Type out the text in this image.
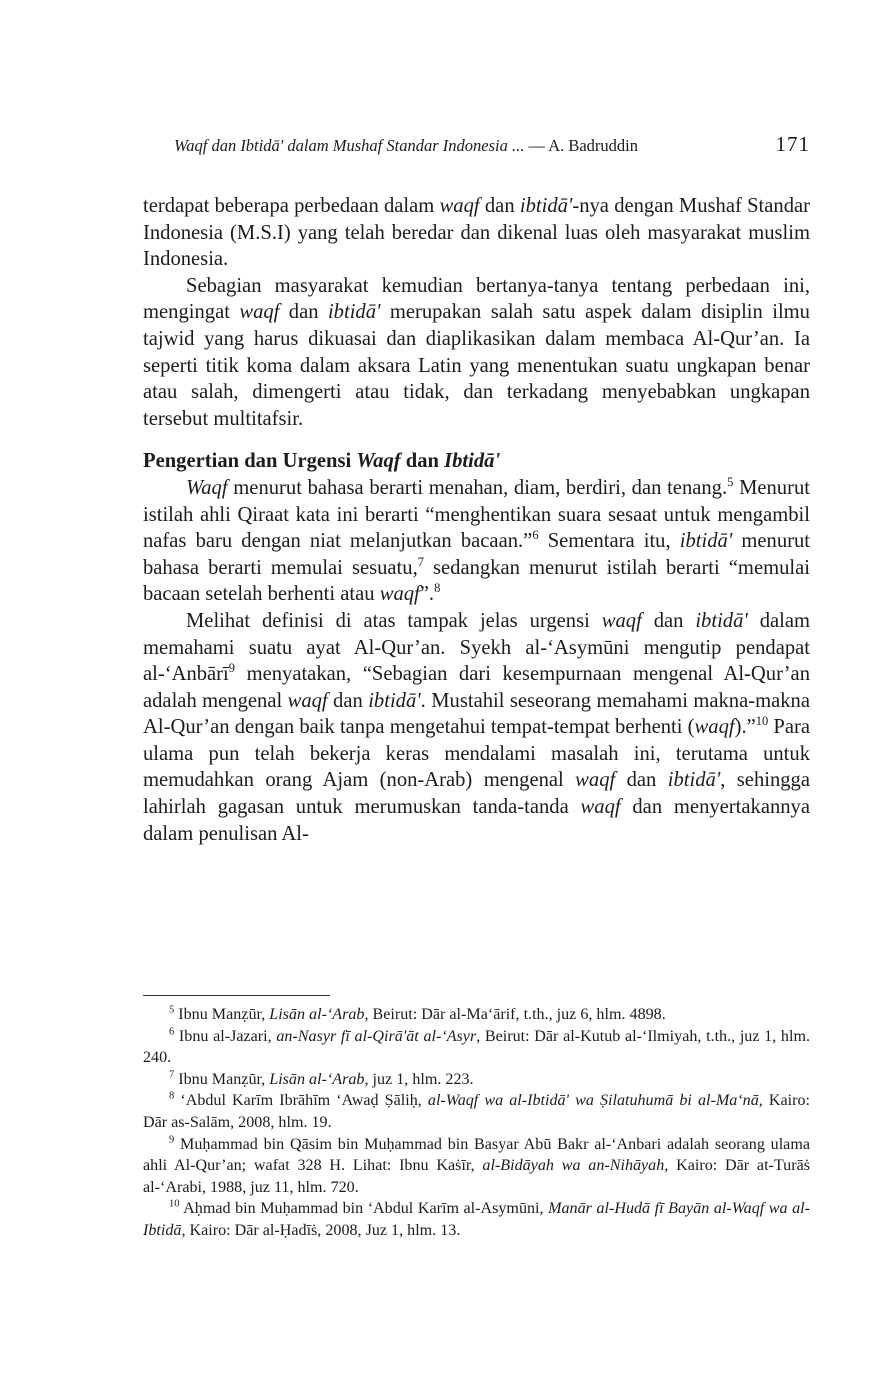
Waqf dan Ibtidā' dalam Mushaf Standar Indonesia ... — A. Badruddin	171

terdapat beberapa perbedaan dalam waqf dan ibtidā'-nya dengan Mushaf Standar Indonesia (M.S.I) yang telah beredar dan dikenal luas oleh masyarakat muslim Indonesia.

Sebagian masyarakat kemudian bertanya-tanya tentang perbedaan ini, mengingat waqf dan ibtidā' merupakan salah satu aspek dalam disiplin ilmu tajwid yang harus dikuasai dan diaplikasikan dalam membaca Al-Qur’an. Ia seperti titik koma dalam aksara Latin yang menentukan suatu ungkapan benar atau salah, dimengerti atau tidak, dan terkadang menyebabkan ungkapan tersebut multitafsir.

Pengertian dan Urgensi Waqf dan Ibtidā'

Waqf menurut bahasa berarti menahan, diam, berdiri, dan tenang.$^5$ Menurut istilah ahli Qiraat kata ini berarti “menghentikan suara sesaat untuk mengambil nafas baru dengan niat melanjutkan bacaan.”$^6$ Sementara itu, ibtidā' menurut bahasa berarti memulai sesuatu,$^7$ sedangkan menurut istilah berarti “memulai bacaan setelah berhenti atau waqf”.$^8$

Melihat definisi di atas tampak jelas urgensi waqf dan ibtidā' dalam memahami suatu ayat Al-Qur’an. Syekh al-‘Asymūni mengutip pendapat al-‘Anbārī$^9$ menyatakan, “Sebagian dari kesempurnaan mengenal Al-Qur’an adalah mengenal waqf dan ibtidā'. Mustahil seseorang memahami makna-makna Al-Qur’an dengan baik tanpa mengetahui tempat-tempat berhenti (waqf).”$^{10}$ Para ulama pun telah bekerja keras mendalami masalah ini, terutama untuk memudahkan orang Ajam (non-Arab) mengenal waqf dan ibtidā', sehingga lahirlah gagasan untuk merumuskan tanda-tanda waqf dan menyertakannya dalam penulisan Al-

$^5$ Ibnu Manẓūr, Lisān al-‘Arab, Beirut: Dār al-Ma‘ārif, t.th., juz 6, hlm. 4898.

$^6$ Ibnu al-Jazari, an-Nasyr fī al-Qirā'āt al-‘Asyr, Beirut: Dār al-Kutub al-‘Ilmiyah, t.th., juz 1, hlm. 240.

$^7$ Ibnu Manẓūr, Lisān al-‘Arab, juz 1, hlm. 223.

$^8$ ‘Abdul Karīm Ibrāhīm ‘Awaḍ Ṣāliḥ, al-Waqf wa al-Ibtidā' wa Ṣilatuhumā bi al-Ma‘nā, Kairo: Dār as-Salām, 2008, hlm. 19.

$^9$ Muḥammad bin Qāsim bin Muḥammad bin Basyar Abū Bakr al-‘Anbari adalah seorang ulama ahli Al-Qur’an; wafat 328 H. Lihat: Ibnu Kaṡīr, al-Bidāyah wa an-Nihāyah, Kairo: Dār at-Turāṡ al-‘Arabi, 1988, juz 11, hlm. 720.

$^{10}$ Aḥmad bin Muḥammad bin ‘Abdul Karīm al-Asymūni, Manār al-Hudā fī Bayān al-Waqf wa al-Ibtidā, Kairo: Dār al-Ḥadīṡ, 2008, Juz 1, hlm. 13.
